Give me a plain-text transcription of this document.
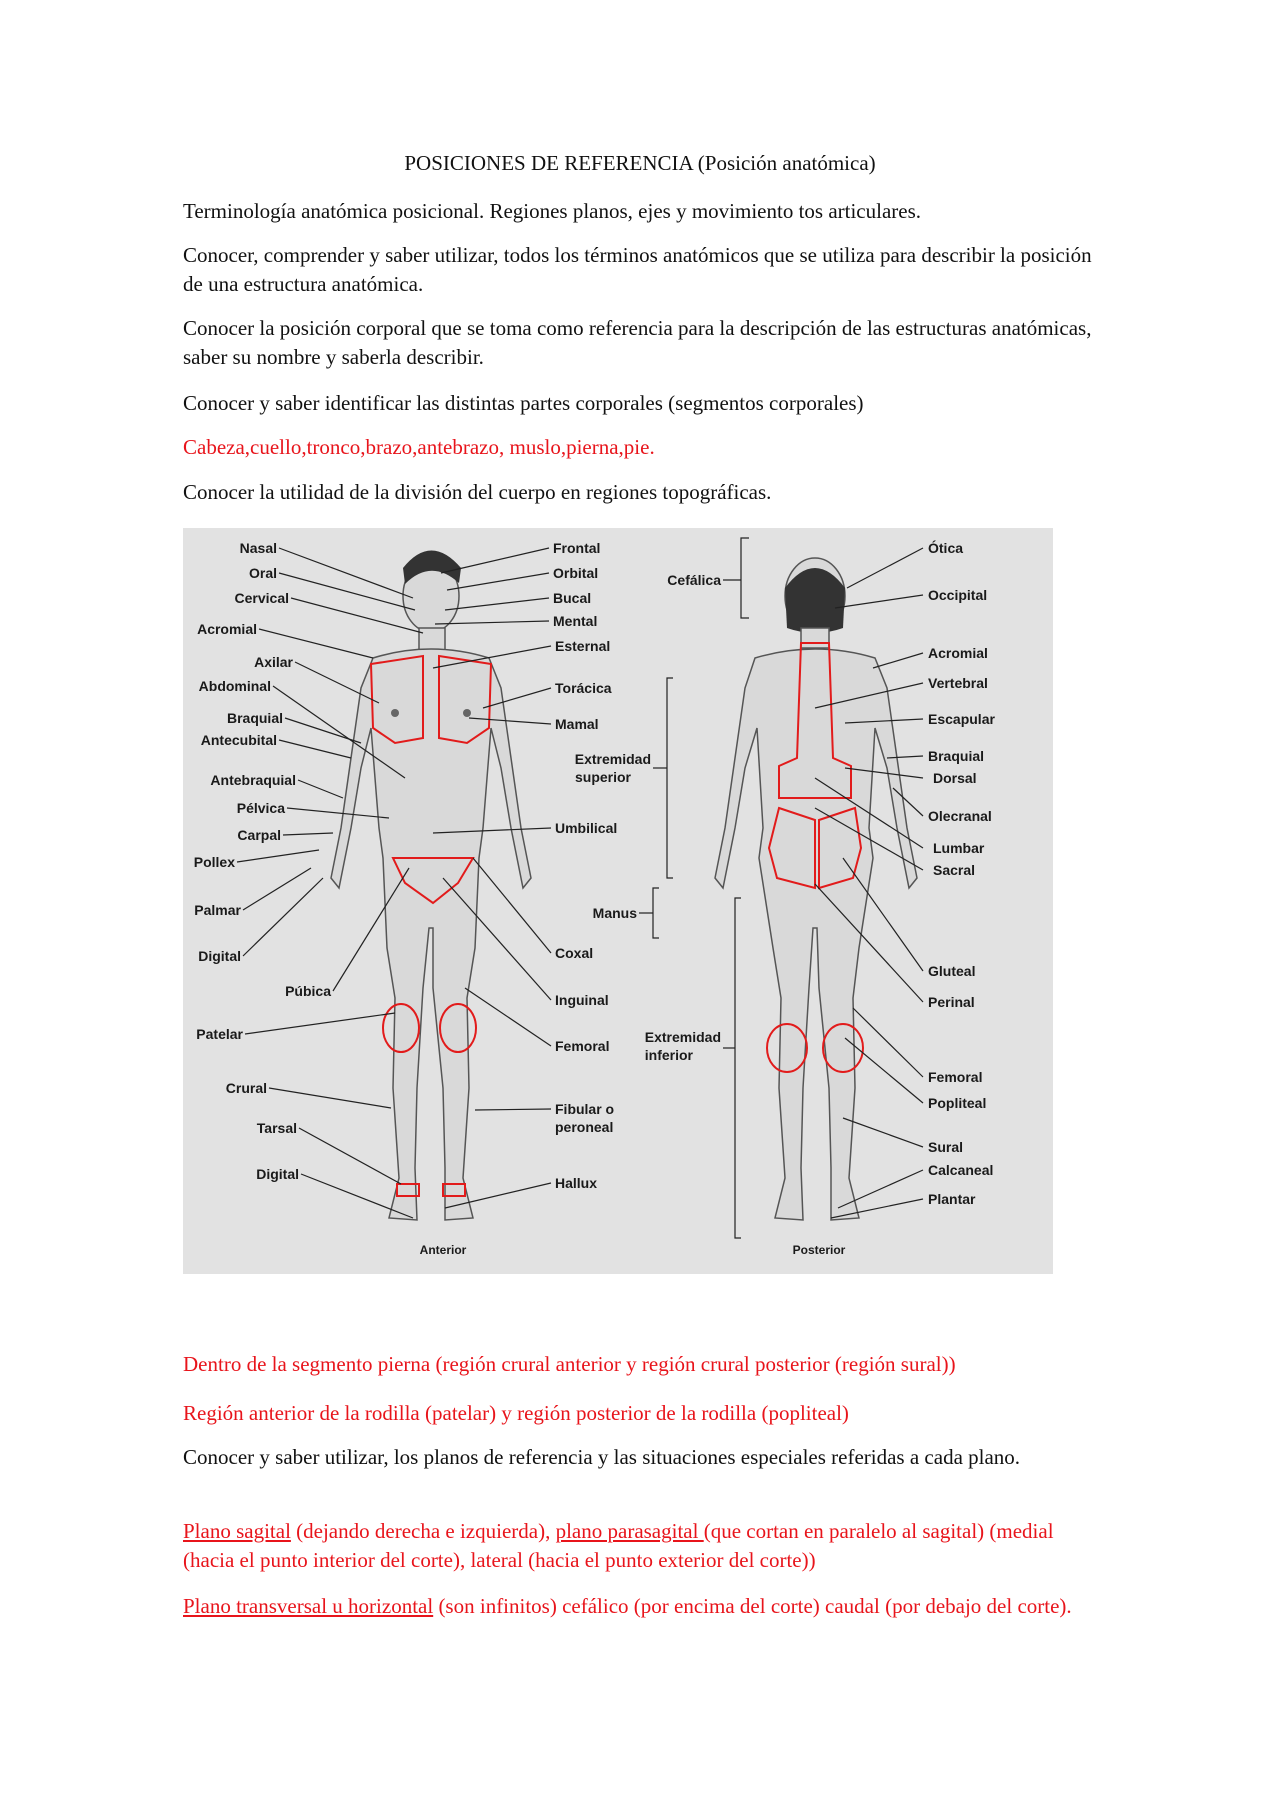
POSICIONES DE REFERENCIA (Posición anatómica)

Terminología anatómica posicional. Regiones planos, ejes y movimiento tos articulares.

Conocer, comprender y saber utilizar, todos los términos anatómicos que se utiliza para describir la posición de una estructura anatómica.

Conocer la posición corporal que se toma como referencia para la descripción de las estructuras anatómicas, saber su nombre y saberla describir.

Conocer y saber identificar las distintas partes corporales (segmentos corporales)

Cabeza,cuello,tronco,brazo,antebrazo, muslo,pierna,pie.

Conocer la utilidad de la división del cuerpo en regiones topográficas.

Nasal
Oral
Cervical
Acromial
Axilar
Abdominal
Braquial
Antecubital
Antebraquial
Pélvica
Carpal
Pollex
Palmar
Digital
Púbica
Patelar
Crural
Tarsal
Digital
Frontal
Orbital
Bucal
Mental
Esternal
Torácica
Mamal
Umbilical
Coxal
Inguinal
Femoral
Fibular o
peroneal
Hallux
Cefálica
Extremidad
superior
Manus
Extremidad
inferior
Ótica
Occipital
Acromial
Vertebral
Escapular
Braquial
Dorsal
Olecranal
Lumbar
Sacral
Gluteal
Perinal
Femoral
Popliteal
Sural
Calcaneal
Plantar
Anterior	Posterior

Dentro de la segmento pierna (región crural anterior y región crural posterior (región sural))

Región anterior de la rodilla (patelar) y región posterior de la rodilla (popliteal)

Conocer y saber utilizar, los planos de referencia y las situaciones especiales referidas a cada plano.

Plano sagital (dejando derecha e izquierda), plano parasagital (que cortan en paralelo al sagital) (medial (hacia el punto interior del corte), lateral (hacia el punto exterior del corte))

Plano transversal u horizontal (son infinitos) cefálico (por encima del corte) caudal (por debajo del corte).
